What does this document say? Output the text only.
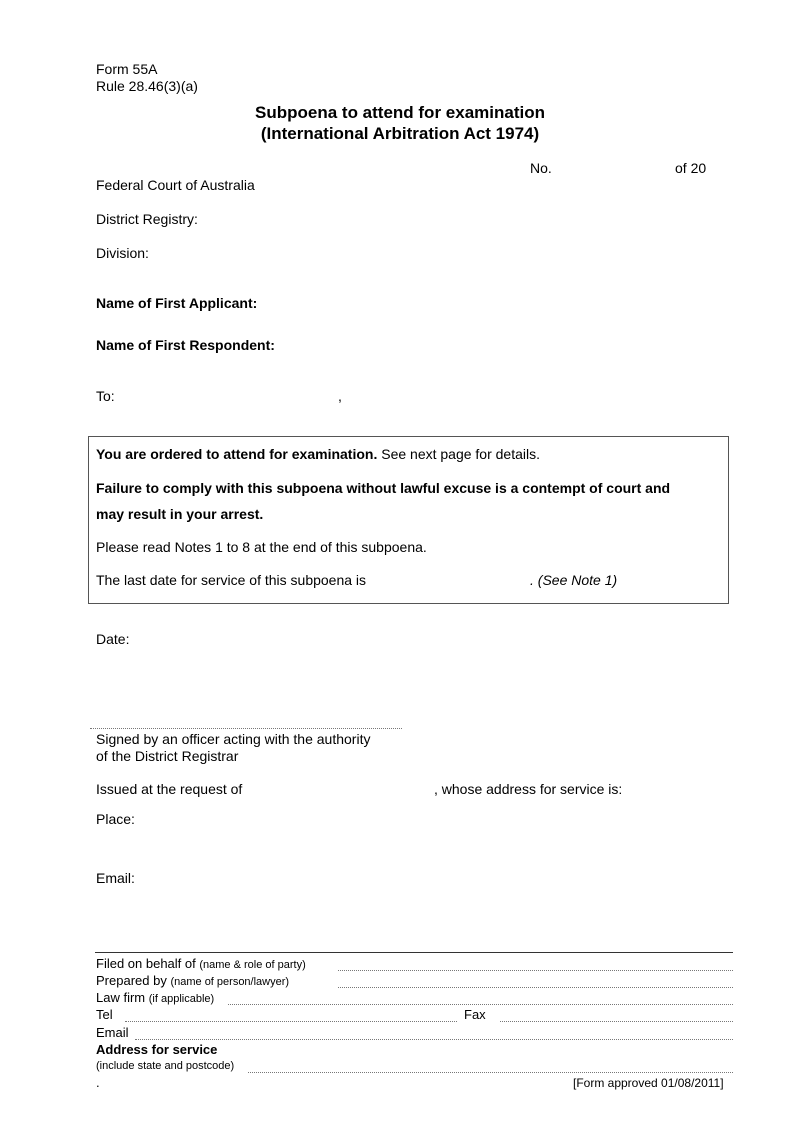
Form 55A
Rule 28.46(3)(a)
Subpoena to attend for examination
(International Arbitration Act 1974)
No.	of 20
Federal Court of Australia
District Registry:
Division:
Name of First Applicant:
Name of First Respondent:
To:	,
You are ordered to attend for examination. See next page for details.
Failure to comply with this subpoena without lawful excuse is a contempt of court and
may result in your arrest.
Please read Notes 1 to 8 at the end of this subpoena.
The last date for service of this subpoena is	. (See Note 1)
Date:
Signed by an officer acting with the authority
of the District Registrar
Issued at the request of	, whose address for service is:
Place:
Email:
Filed on behalf of (name & role of party)
Prepared by (name of person/lawyer)
Law firm (if applicable)
Tel	Fax
Email
Address for service
(include state and postcode)
.	[Form approved 01/08/2011]
